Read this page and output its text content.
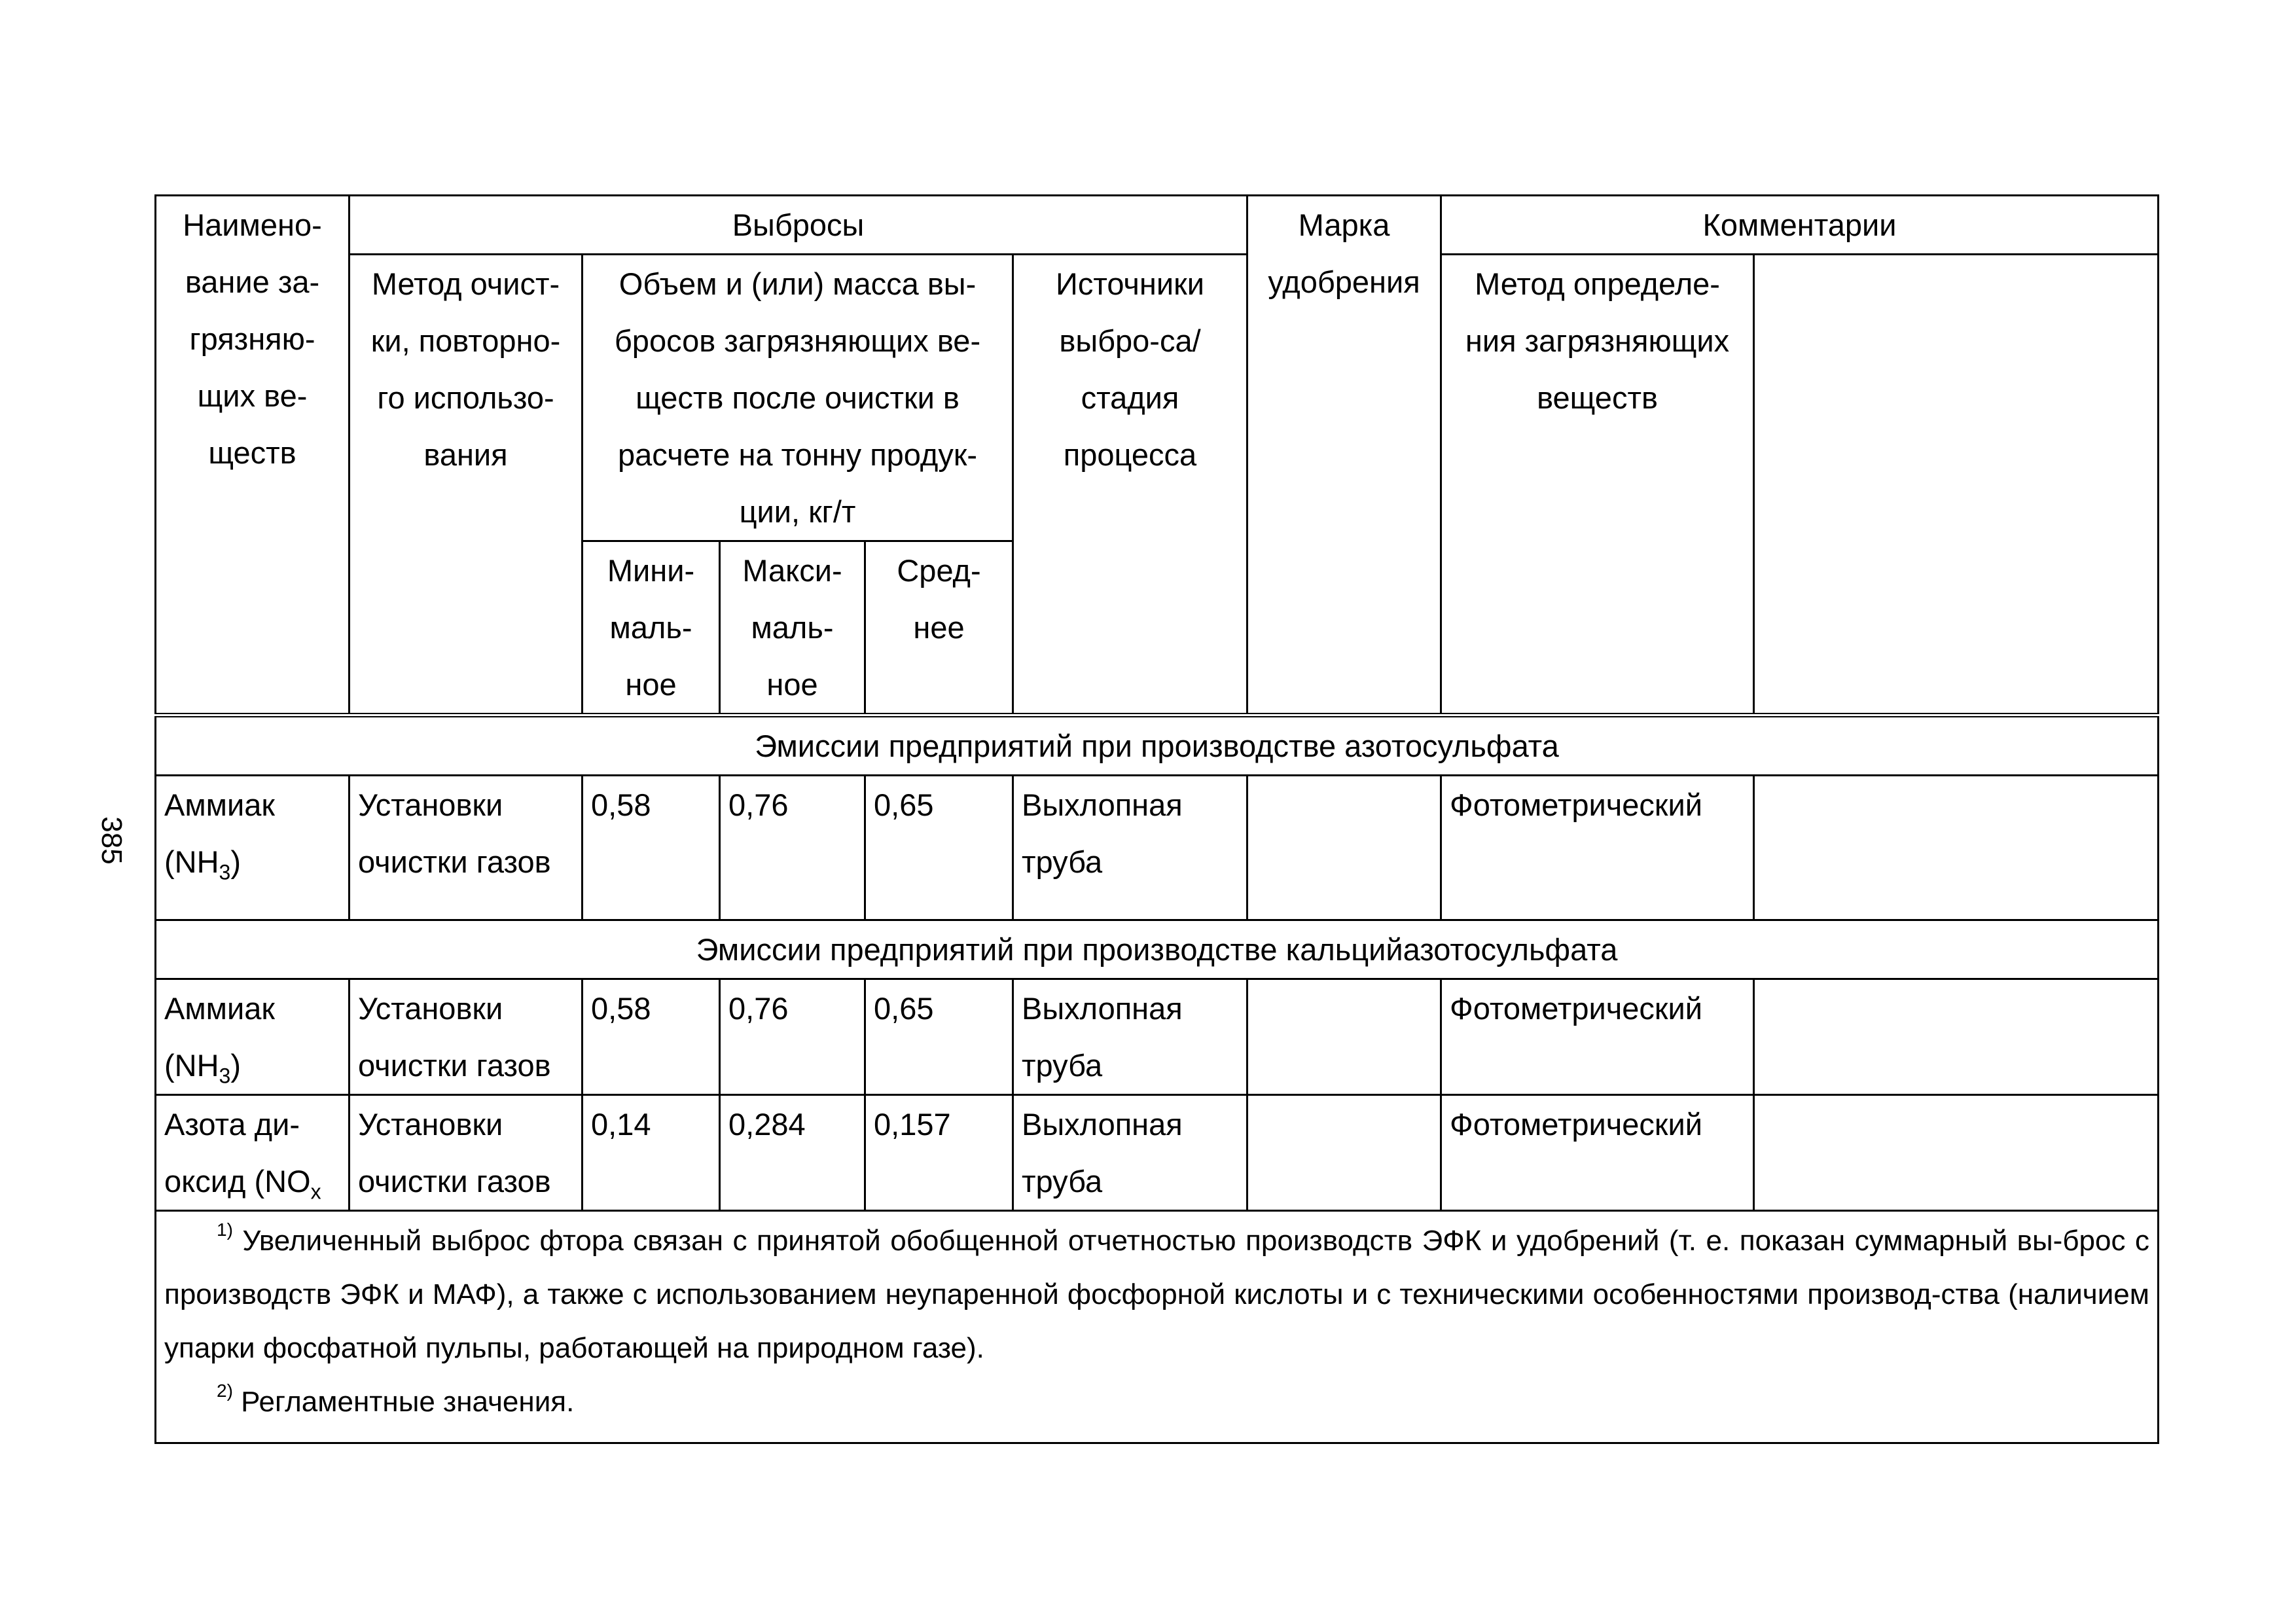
385
Наимено-вание за-грязняю-щих ве-ществ	Выбросы					Марка удобрения	Комментарии	
	Метод очист-ки, повторно-го использо-вания	Объем и (или) масса вы-бросов загрязняющих ве-ществ после очистки в расчете на тонну продук-ции, кг/т			Источники выбро-са/стадия процесса		Метод определе-ния загрязняющих веществ	
		Мини-маль-ное	Макси-маль-ное	Сред-нее				
Эмиссии предприятий при производстве азотосульфата								
Аммиак $(NH_3)$	Установки очистки газов	0,58	0,76	0,65	Выхлопная труба		Фотометрический	
Эмиссии предприятий при производстве кальцийазотосульфата								
Аммиак $(NH_3)$	Установки очистки газов	0,58	0,76	0,65	Выхлопная труба		Фотометрический	
Азота ди-оксид ($NO_x$	Установки очистки газов	0,14	0,284	0,157	Выхлопная труба		Фотометрический	

$^{1)}$ Увеличенный выброс фтора связан с принятой обобщенной отчетностью производств ЭФК и удобрений (т. е. показан суммарный вы-брос с производств ЭФК и МАФ), а также с использованием неупаренной фосфорной кислоты и с техническими особенностями производ-ства (наличием упарки фосфатной пульпы, работающей на природном газе).

$^{2)}$ Регламентные значения.								
